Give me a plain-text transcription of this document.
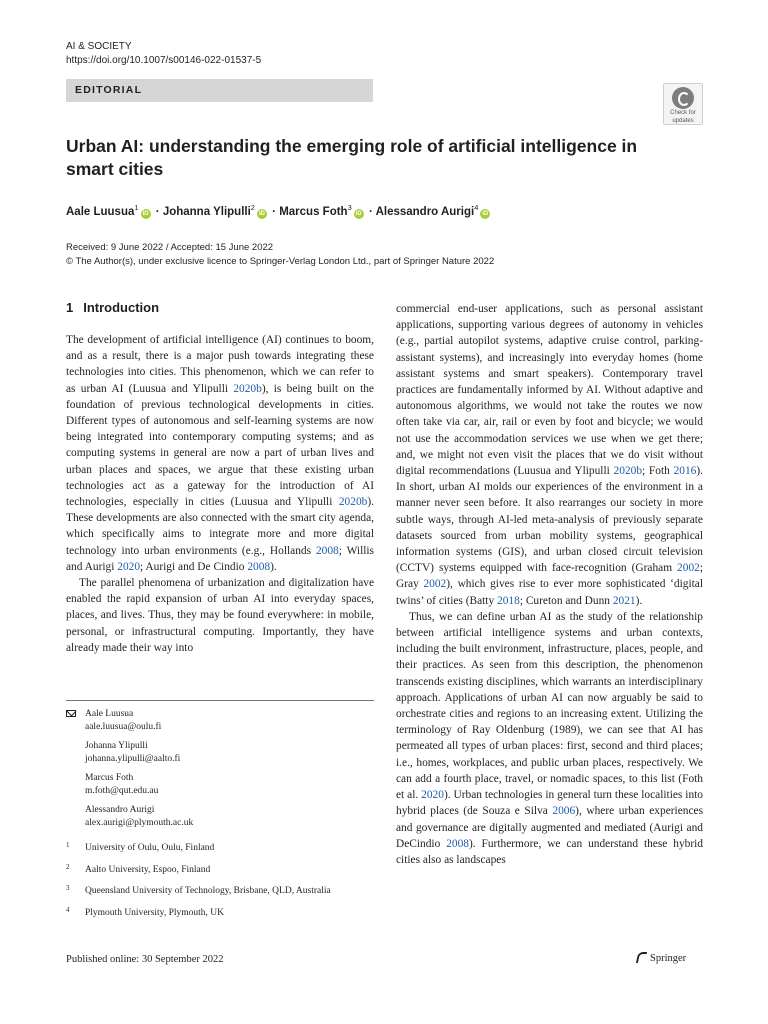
AI & SOCIETY
https://doi.org/10.1007/s00146-022-01537-5
EDITORIAL
Check for
updates
Urban AI: understanding the emerging role of artificial intelligence in smart cities
Aale Luusua$^1$iD · Johanna Ylipulli$^2$iD · Marcus Foth$^3$iD · Alessandro Aurigi$^4$iD
Received: 9 June 2022 / Accepted: 15 June 2022
© The Author(s), under exclusive licence to Springer-Verlag London Ltd., part of Springer Nature 2022
1 Introduction

The development of artificial intelligence (AI) continues to boom, and as a result, there is a major push towards integrating these technologies into cities. This phenomenon, which we can refer to as urban AI (Luusua and Ylipulli 2020b), is being built on the foundation of previous technological developments in cities. Different types of autonomous and self-learning systems are now being integrated into contemporary computing systems; and as computing systems in general are now a part of urban lives and urban places and spaces, we argue that these existing urban technologies act as a gateway for the introduction of AI technologies, especially in cities (Luusua and Ylipulli 2020b). These developments are also connected with the smart city agenda, which specifically aims to integrate more and more digital technology into urban environments (e.g., Hollands 2008; Willis and Aurigi 2020; Aurigi and De Cindio 2008).

The parallel phenomena of urbanization and digitalization have enabled the rapid expansion of urban AI into everyday spaces, places, and lives. Thus, they may be found everywhere: in mobile, personal, or infrastructural computing. Importantly, they have already made their way into

commercial end-user applications, such as personal assistant applications, supporting various degrees of autonomy in vehicles (e.g., partial autopilot systems, adaptive cruise control, parking-assistant systems), and increasingly into everyday homes (home assistant systems and smart speakers). Contemporary travel practices are fundamentally informed by AI. Without adaptive and autonomous algorithms, we would not take the routes we now often take via car, air, rail or even by foot and bicycle; we would not use the accommodation services we use when we get there; and, we might not even visit the places that we do visit without digital recommendations (Luusua and Ylipulli 2020b; Foth 2016). In short, urban AI molds our experiences of the environment in a manner never seen before. It also rearranges our society in more subtle ways, through AI-led meta-analysis of previously separate datasets sourced from urban mobility systems, geographical information systems (GIS), and urban closed circuit television (CCTV) systems equipped with face-recognition (Graham 2002; Gray 2002), which gives rise to ever more sophisticated ‘digital twins’ of cities (Batty 2018; Cureton and Dunn 2021).

Thus, we can define urban AI as the study of the relationship between artificial intelligence systems and urban contexts, including the built environment, infrastructure, places, people, and their practices. As seen from this description, the phenomenon transcends existing disciplines, which warrants an interdisciplinary approach. Applications of urban AI can now arguably be said to orchestrate cities and regions to an increasing extent. Utilizing the terminology of Ray Oldenburg (1989), we can see that AI has permeated all types of urban places: first, second and third places; i.e., homes, workplaces, and public urban places, respectively. We can add a fourth place, travel, or nomadic spaces, to this list (Foth et al. 2020). Urban technologies in general turn these localities into hybrid places (de Souza e Silva 2006), where urban experiences and governance are digitally augmented and mediated (Aurigi and DeCindio 2008). Furthermore, we can understand these hybrid cities also as landscapes

Aale Luusua
aale.luusua@oulu.fi
Johanna Ylipulli
johanna.ylipulli@aalto.fi
Marcus Foth
m.foth@qut.edu.au
Alessandro Aurigi
alex.aurigi@plymouth.ac.uk
1 University of Oulu, Oulu, Finland
2 Aalto University, Espoo, Finland
3 Queensland University of Technology, Brisbane, QLD, Australia
4 Plymouth University, Plymouth, UK
Published online: 30 September 2022	Springer
